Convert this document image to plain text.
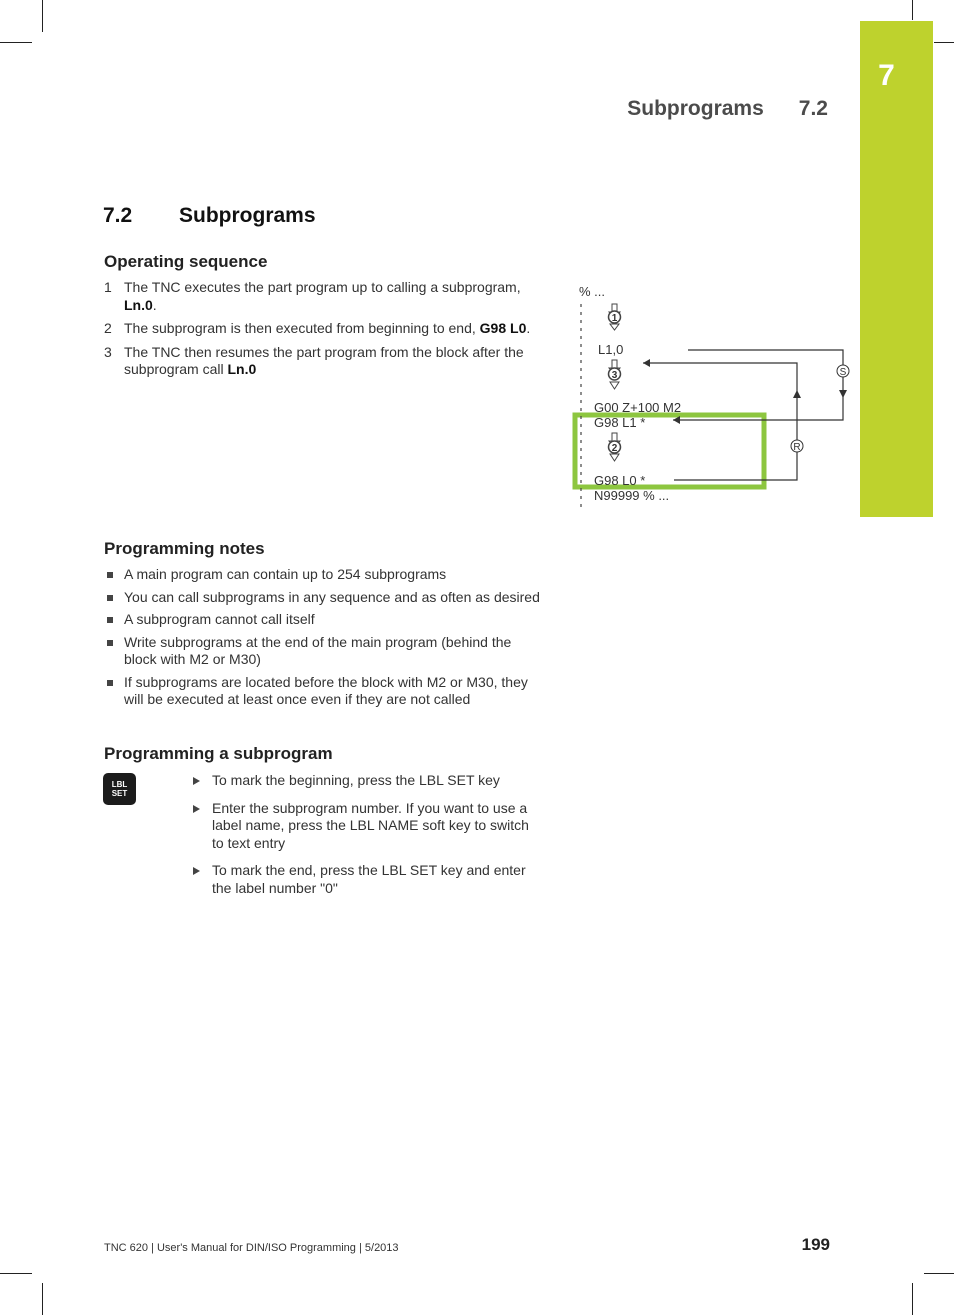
7
Subprograms 7.2
7.2 Subprograms
Operating sequence
1 The TNC executes the part program up to calling a subprogram, Ln.0.
2 The subprogram is then executed from beginning to end, G98 L0.
3 The TNC then resumes the part program from the block after the subprogram call Ln.0
% ...
L1,0
G00 Z+100 M2
G98 L1 *
G98 L0 *
N99999 % ...
1
3
2
S
R
Programming notes
A main program can contain up to 254 subprograms
You can call subprograms in any sequence and as often as desired
A subprogram cannot call itself
Write subprograms at the end of the main program (behind the block with M2 or M30)
If subprograms are located before the block with M2 or M30, they will be executed at least once even if they are not called
Programming a subprogram
LBL
SET
To mark the beginning, press the LBL SET key
Enter the subprogram number. If you want to use a label name, press the LBL NAME soft key to switch to text entry
To mark the end, press the LBL SET key and enter the label number "0"
TNC 620 | User's Manual for DIN/ISO Programming | 5/2013	199
